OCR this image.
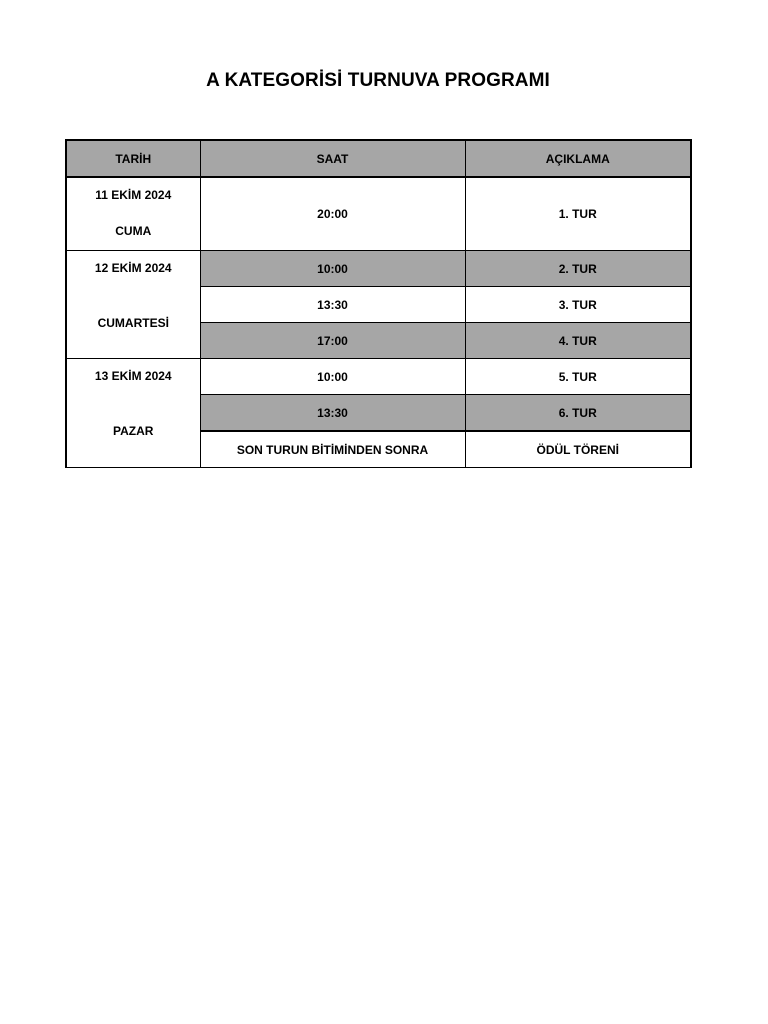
A KATEGORİSİ TURNUVA PROGRAMI
TARİH	SAAT	AÇIKLAMA

11 EKİM 2024
CUMA	20:00	1. TUR

12 EKİM 2024
CUMARTESİ	10:00	2. TUR
	13:30	3. TUR
	17:00	4. TUR

13 EKİM 2024
PAZAR	10:00	5. TUR
	13:30	6. TUR
	SON TURUN BİTİMİNDEN SONRA	ÖDÜL TÖRENİ
